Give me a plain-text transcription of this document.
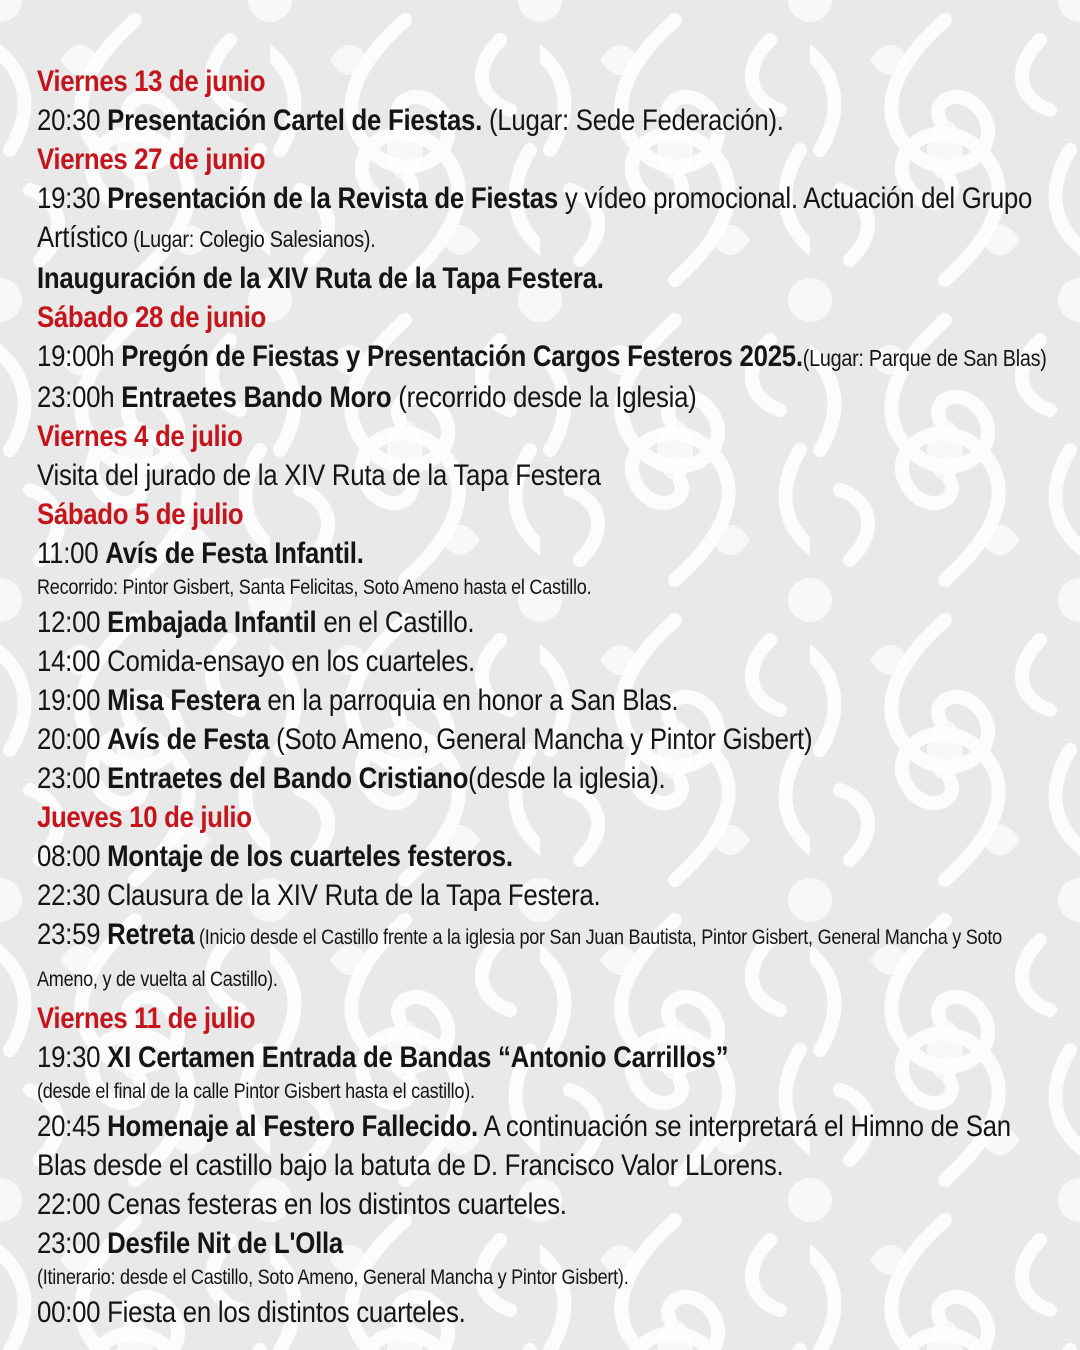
Viernes 13 de junio
20:30 Presentación Cartel de Fiestas. (Lugar: Sede Federación).
Viernes 27 de junio
19:30 Presentación de la Revista de Fiestas y vídeo promocional. Actuación del Grupo Artístico (Lugar: Colegio Salesianos).
Inauguración de la XIV Ruta de la Tapa Festera.
Sábado 28 de junio
19:00h Pregón de Fiestas y Presentación Cargos Festeros 2025.(Lugar: Parque de San Blas)
23:00h Entraetes Bando Moro (recorrido desde la Iglesia)
Viernes 4 de julio
Visita del jurado de la XIV Ruta de la Tapa Festera
Sábado 5 de julio
11:00 Avís de Festa Infantil.
Recorrido: Pintor Gisbert, Santa Felicitas, Soto Ameno hasta el Castillo.
12:00 Embajada Infantil en el Castillo.
14:00 Comida-ensayo en los cuarteles.
19:00 Misa Festera en la parroquia en honor a San Blas.
20:00 Avís de Festa (Soto Ameno, General Mancha y Pintor Gisbert)
23:00 Entraetes del Bando Cristiano(desde la iglesia).
Jueves 10 de julio
08:00 Montaje de los cuarteles festeros.
22:30 Clausura de la XIV Ruta de la Tapa Festera.
23:59 Retreta (Inicio desde el Castillo frente a la iglesia por San Juan Bautista, Pintor Gisbert, General Mancha y Soto Ameno, y de vuelta al Castillo).
Viernes 11 de julio
19:30 XI Certamen Entrada de Bandas “Antonio Carrillos”
(desde el final de la calle Pintor Gisbert hasta el castillo).
20:45 Homenaje al Festero Fallecido. A continuación se interpretará el Himno de San Blas desde el castillo bajo la batuta de D. Francisco Valor LLorens.
22:00 Cenas festeras en los distintos cuarteles.
23:00 Desfile Nit de L'Olla
(Itinerario: desde el Castillo, Soto Ameno, General Mancha y Pintor Gisbert).
00:00 Fiesta en los distintos cuarteles.
